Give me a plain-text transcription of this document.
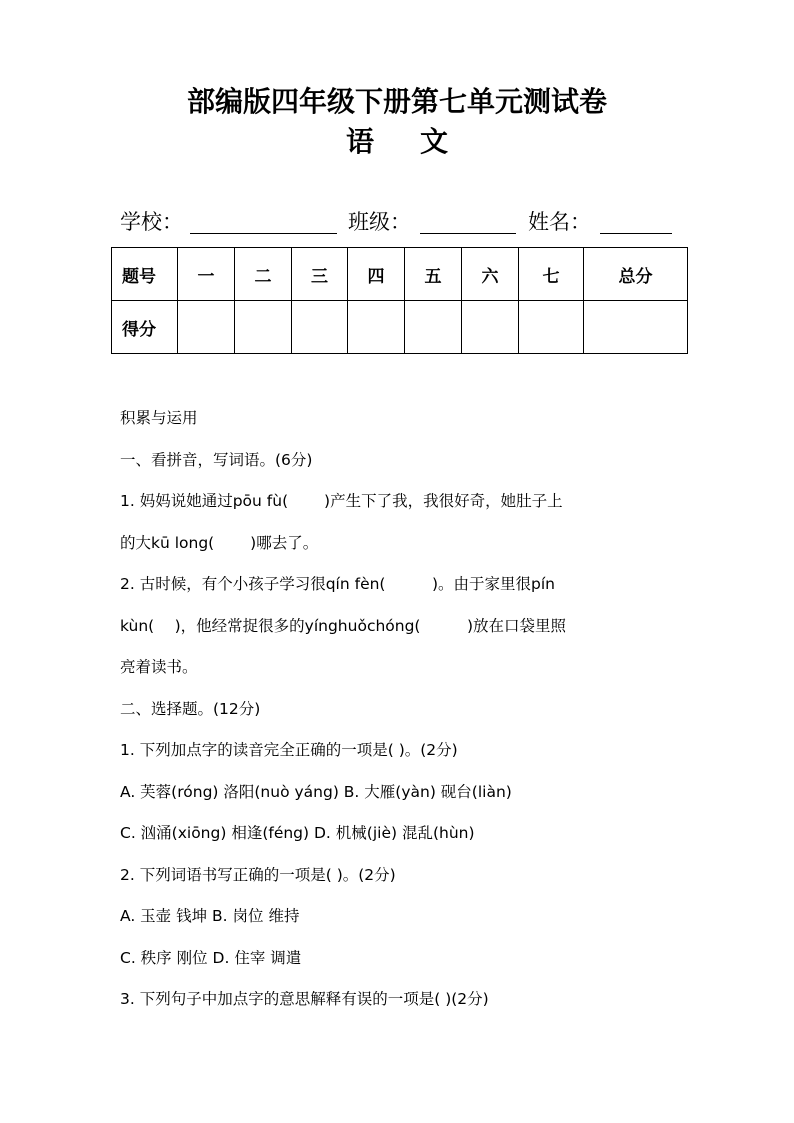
部编版四年级下册第七单元测试卷
语 文
学校：	班级：	姓名：
题号	一	二	三	四	五	六	七	总分
得分								
积累与运用
一、看拼音，写词语。(6分)
1. 妈妈说她通过pōu fù(　　 )产生下了我，我很好奇，她肚子上
的大kū long(　　 )哪去了。
2. 古时候，有个小孩子学习很qín fèn(　　　)。由于家里很pín
kùn(　 )，他经常捉很多的yínghuǒchóng(　　　)放在口袋里照
亮着读书。
二、选择题。(12分)
1. 下列加点字的读音完全正确的一项是( )。(2分)
A. 芙蓉(róng) 洛阳(nuò yáng) B. 大雁(yàn) 砚台(liàn)
C. 汹涌(xiōng) 相逢(féng) D. 机械(jiè) 混乱(hùn)
2. 下列词语书写正确的一项是( )。(2分)
A. 玉壶 钱坤 B. 岗位 维持
C. 秩序 刚位 D. 住宰 调遣
3. 下列句子中加点字的意思解释有误的一项是( )(2分)
